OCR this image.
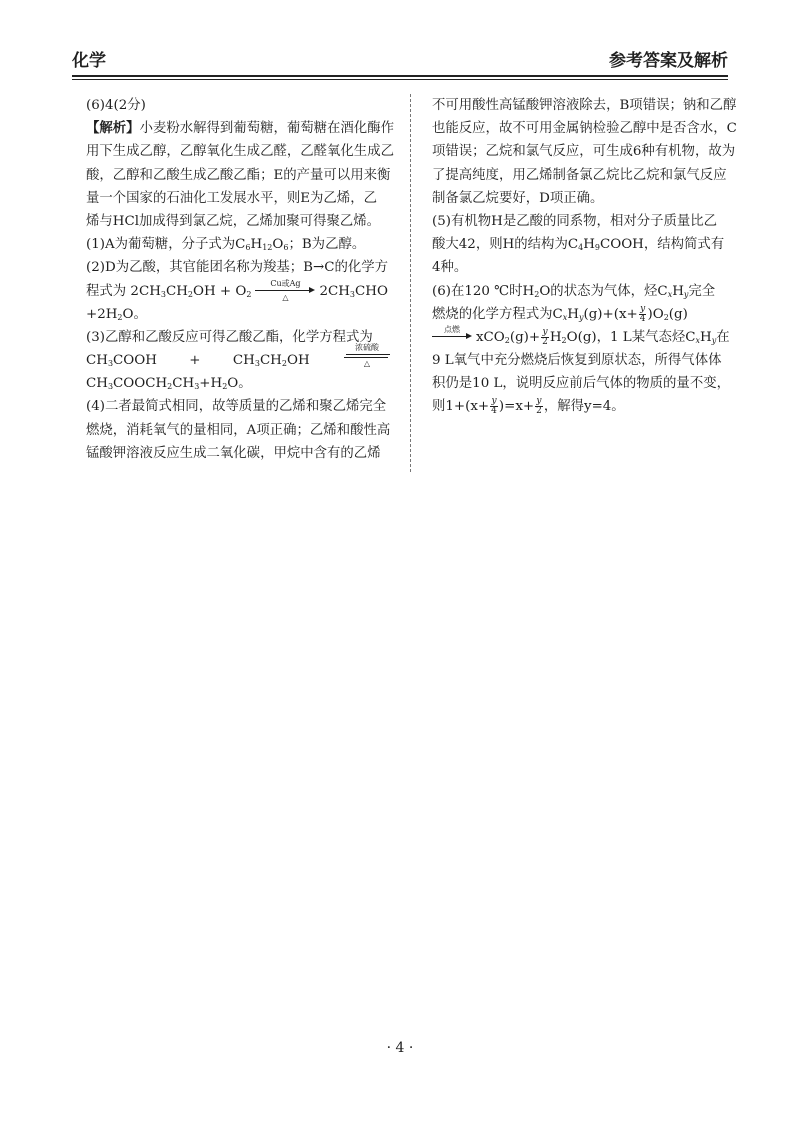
化学	参考答案及解析
(6)4(2分)
【解析】小麦粉水解得到葡萄糖，葡萄糖在酒化酶作
用下生成乙醇，乙醇氧化生成乙醛，乙醛氧化生成乙
酸，乙醇和乙酸生成乙酸乙酯；E的产量可以用来衡
量一个国家的石油化工发展水平，则E为乙烯，乙
烯与HCl加成得到氯乙烷，乙烯加聚可得聚乙烯。
(1)A为葡萄糖，分子式为$C_6H_{12}O_6$；B为乙醇。
(2)D为乙酸，其官能团名称为羧基；B→C的化学方
程式为 $2CH_3CH_2OH + O_2$
Cu或Ag
△	$2CH_3CHO$
$+2H_2O$。
(3)乙醇和乙酸反应可得乙酸乙酯，化学方程式为
$CH_3COOH + CH_3CH_2OH$
浓硫酸
△
$CH_3COOCH_2CH_3+H_2O$。
(4)二者最简式相同，故等质量的乙烯和聚乙烯完全
燃烧，消耗氧气的量相同，A项正确；乙烯和酸性高
锰酸钾溶液反应生成二氧化碳，甲烷中含有的乙烯
不可用酸性高锰酸钾溶液除去，B项错误；钠和乙醇
也能反应，故不可用金属钠检验乙醇中是否含水，C
项错误；乙烷和氯气反应，可生成6种有机物，故为
了提高纯度，用乙烯制备氯乙烷比乙烷和氯气反应
制备氯乙烷要好，D项正确。
(5)有机物H是乙酸的同系物，相对分子质量比乙
酸大42，则H的结构为$C_4H_9COOH$，结构简式有
4种。
(6)在120 ℃时$H_2O$的状态为气体，烃$C_xH_y$完全
燃烧的化学方程式为$C_xH_y(g)+(x+ \frac{y}{4} )O_2(g)$
点燃	$xCO_2(g)+ \frac{y}{2} H_2O(g)$，1 L某气态烃$C_xH_y$在
9 L氧气中充分燃烧后恢复到原状态，所得气体体
积仍是10 L，说明反应前后气体的物质的量不变，
则$1+(x+ \frac{y}{4} )=x+ \frac{y}{2}$ ，解得y=4。
· 4 ·
